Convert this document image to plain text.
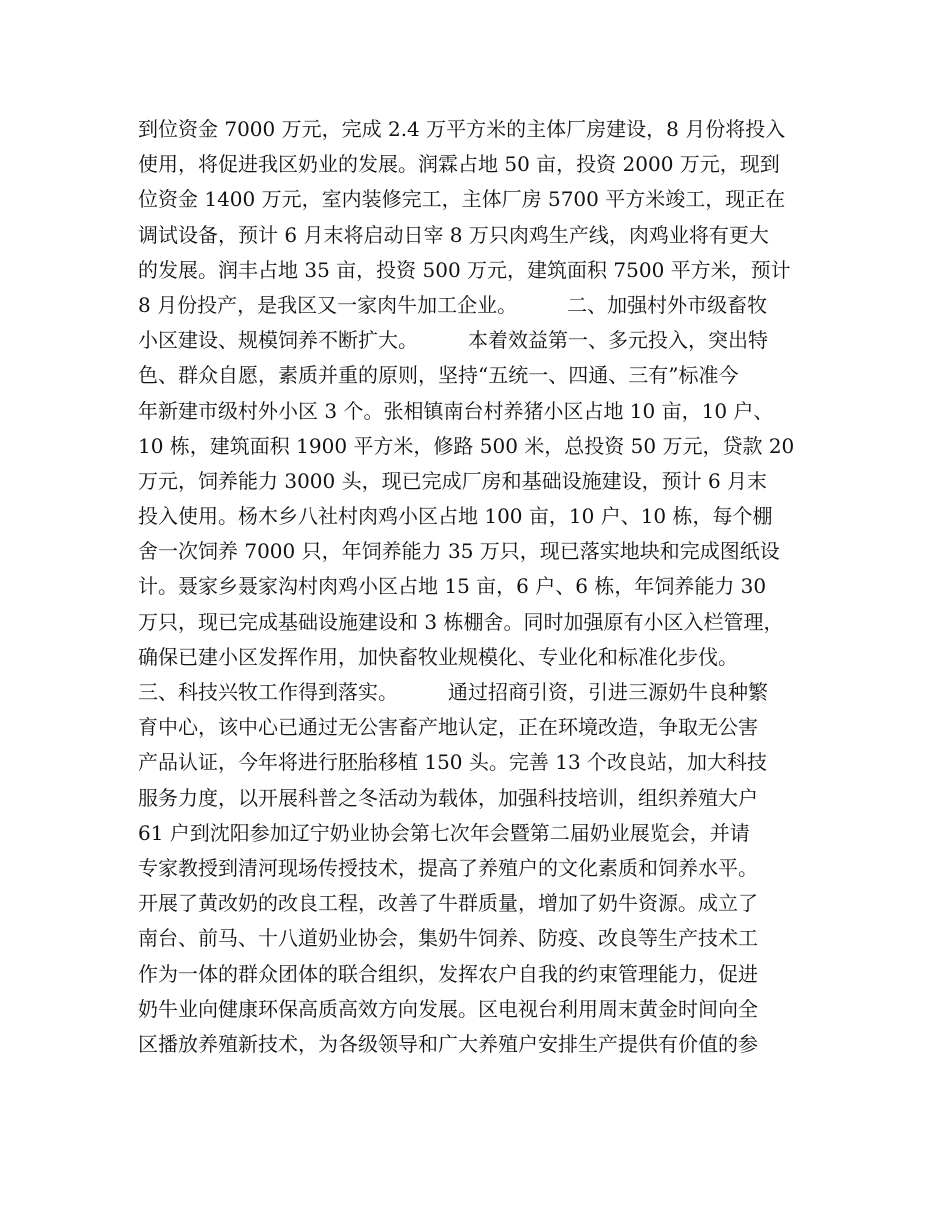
到位资金 7000 万元，完成 2.4 万平方米的主体厂房建设，8 月份将投入
使用，将促进我区奶业的发展。润霖占地 50 亩，投资 2000 万元，现到
位资金 1400 万元，室内装修完工，主体厂房 5700 平方米竣工，现正在
调试设备，预计 6 月末将启动日宰 8 万只肉鸡生产线，肉鸡业将有更大
的发展。润丰占地 35 亩，投资 500 万元，建筑面积 7500 平方米，预计
8 月份投产，是我区又一家肉牛加工企业。　　　二、加强村外市级畜牧
小区建设、规模饲养不断扩大。　　　本着效益第一、多元投入，突出特
色、群众自愿，素质并重的原则，坚持“五统一、四通、三有”标准今
年新建市级村外小区 3 个。张相镇南台村养猪小区占地 10 亩，10 户、
10 栋，建筑面积 1900 平方米，修路 500 米，总投资 50 万元，贷款 20
万元，饲养能力 3000 头，现已完成厂房和基础设施建设，预计 6 月末
投入使用。杨木乡八社村肉鸡小区占地 100 亩，10 户、10 栋，每个棚
舍一次饲养 7000 只，年饲养能力 35 万只，现已落实地块和完成图纸设
计。聂家乡聂家沟村肉鸡小区占地 15 亩，6 户、6 栋，年饲养能力 30
万只，现已完成基础设施建设和 3 栋棚舍。同时加强原有小区入栏管理，
确保已建小区发挥作用，加快畜牧业规模化、专业化和标准化步伐。
三、科技兴牧工作得到落实。　　　通过招商引资，引进三源奶牛良种繁
育中心，该中心已通过无公害畜产地认定，正在环境改造，争取无公害
产品认证，今年将进行胚胎移植 150 头。完善 13 个改良站，加大科技
服务力度，以开展科普之冬活动为载体，加强科技培训，组织养殖大户
61 户到沈阳参加辽宁奶业协会第七次年会暨第二届奶业展览会，并请
专家教授到清河现场传授技术，提高了养殖户的文化素质和饲养水平。
开展了黄改奶的改良工程，改善了牛群质量，增加了奶牛资源。成立了
南台、前马、十八道奶业协会，集奶牛饲养、防疫、改良等生产技术工
作为一体的群众团体的联合组织，发挥农户自我的约束管理能力，促进
奶牛业向健康环保高质高效方向发展。区电视台利用周末黄金时间向全
区播放养殖新技术，为各级领导和广大养殖户安排生产提供有价值的参
